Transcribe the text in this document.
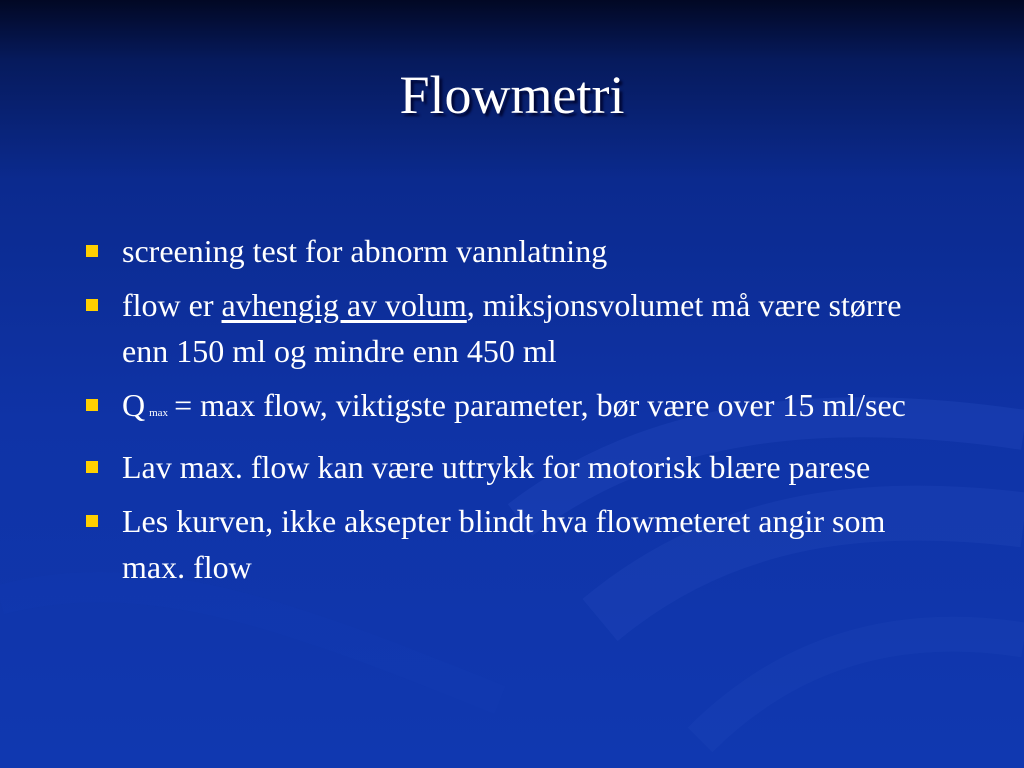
Flowmetri
screening test for abnorm vannlatning
flow er avhengig av volum, miksjonsvolumet må være større enn 150 ml og mindre enn 450 ml
Qmax = max flow, viktigste parameter, bør være over 15 ml/sec
Lav max. flow kan være uttrykk for motorisk blære parese
Les kurven, ikke aksepter blindt hva flowmeteret angir som max. flow
